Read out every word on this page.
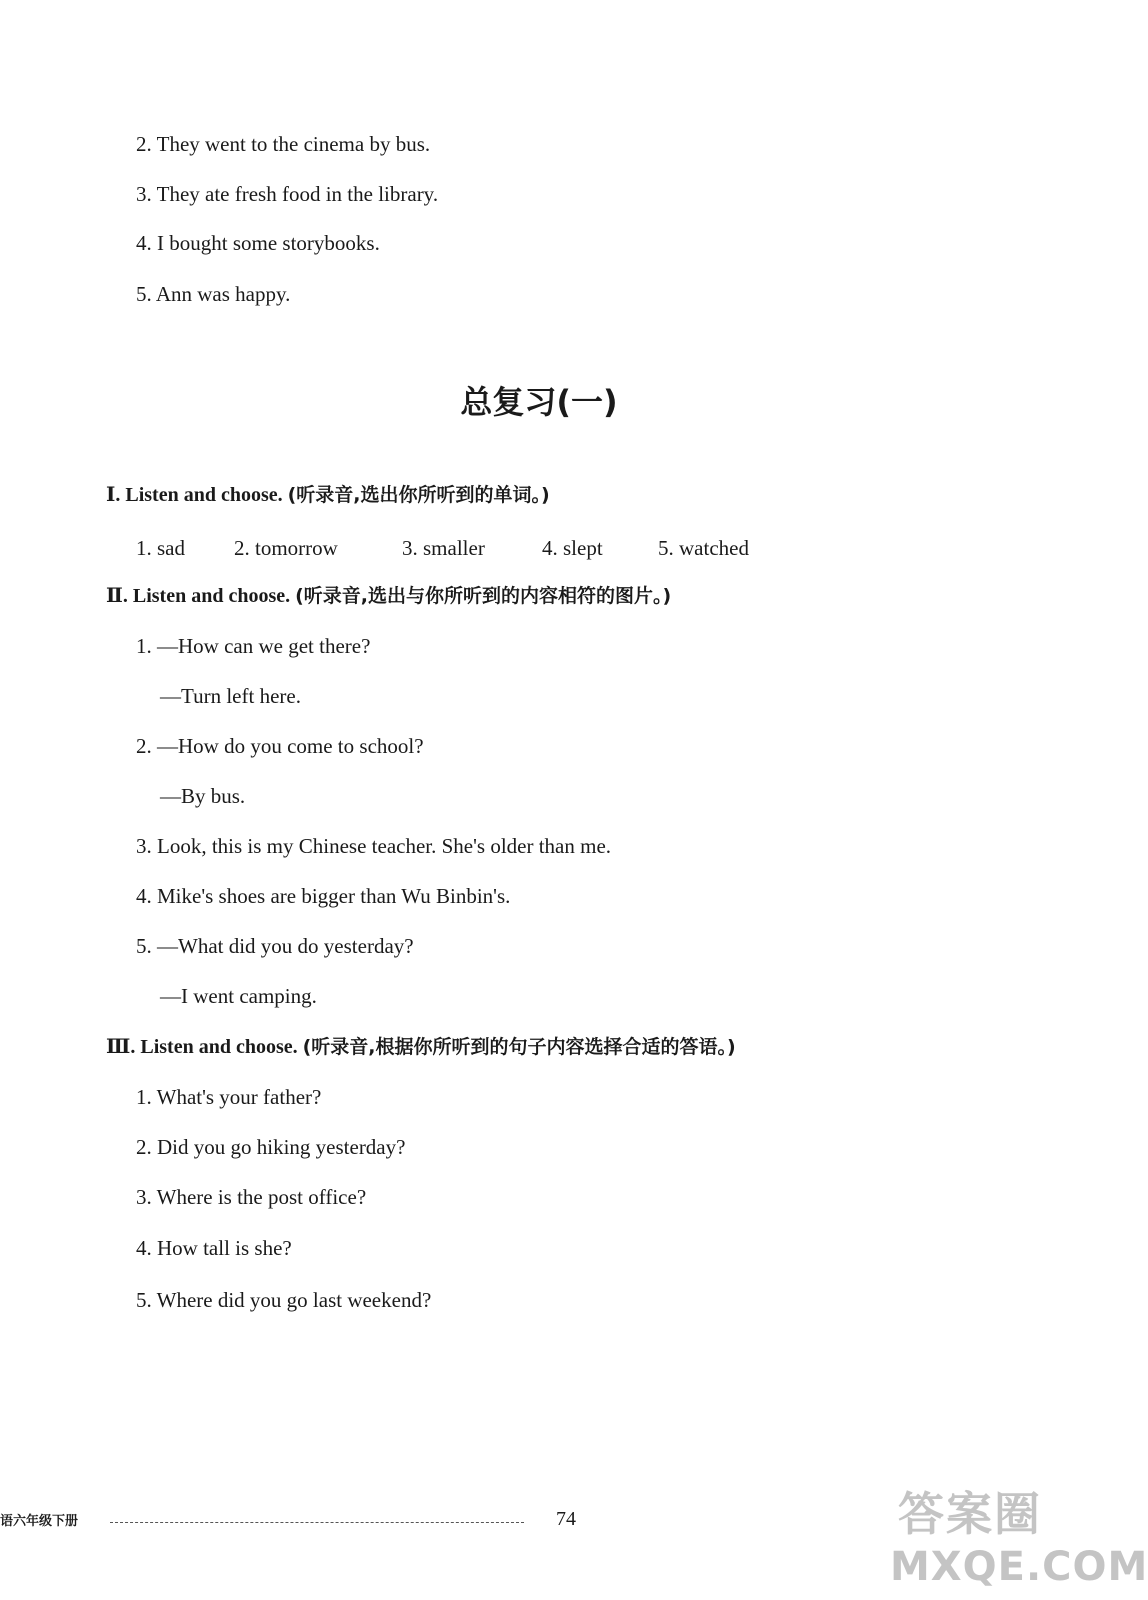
2. They went to the cinema by bus.
3. They ate fresh food in the library.
4. I bought some storybooks.
5. Ann was happy.
总复习(一)
Ⅰ. Listen and choose. (听录音,选出你所听到的单词。)
1. sad 2. tomorrow	3. smaller	4. slept	5. watched
Ⅱ. Listen and choose. (听录音,选出与你所听到的内容相符的图片。)
1. —How can we get there?
—Turn left here.
2. —How do you come to school?
—By bus.
3. Look, this is my Chinese teacher. She's older than me.
4. Mike's shoes are bigger than Wu Binbin's.
5. —What did you do yesterday?
—I went camping.
Ⅲ. Listen and choose. (听录音,根据你所听到的句子内容选择合适的答语。)
1. What's your father?
2. Did you go hiking yesterday?
3. Where is the post office?
4. How tall is she?
5. Where did you go last weekend?
语六年级下册	74	答案圈
MXQE.COM
